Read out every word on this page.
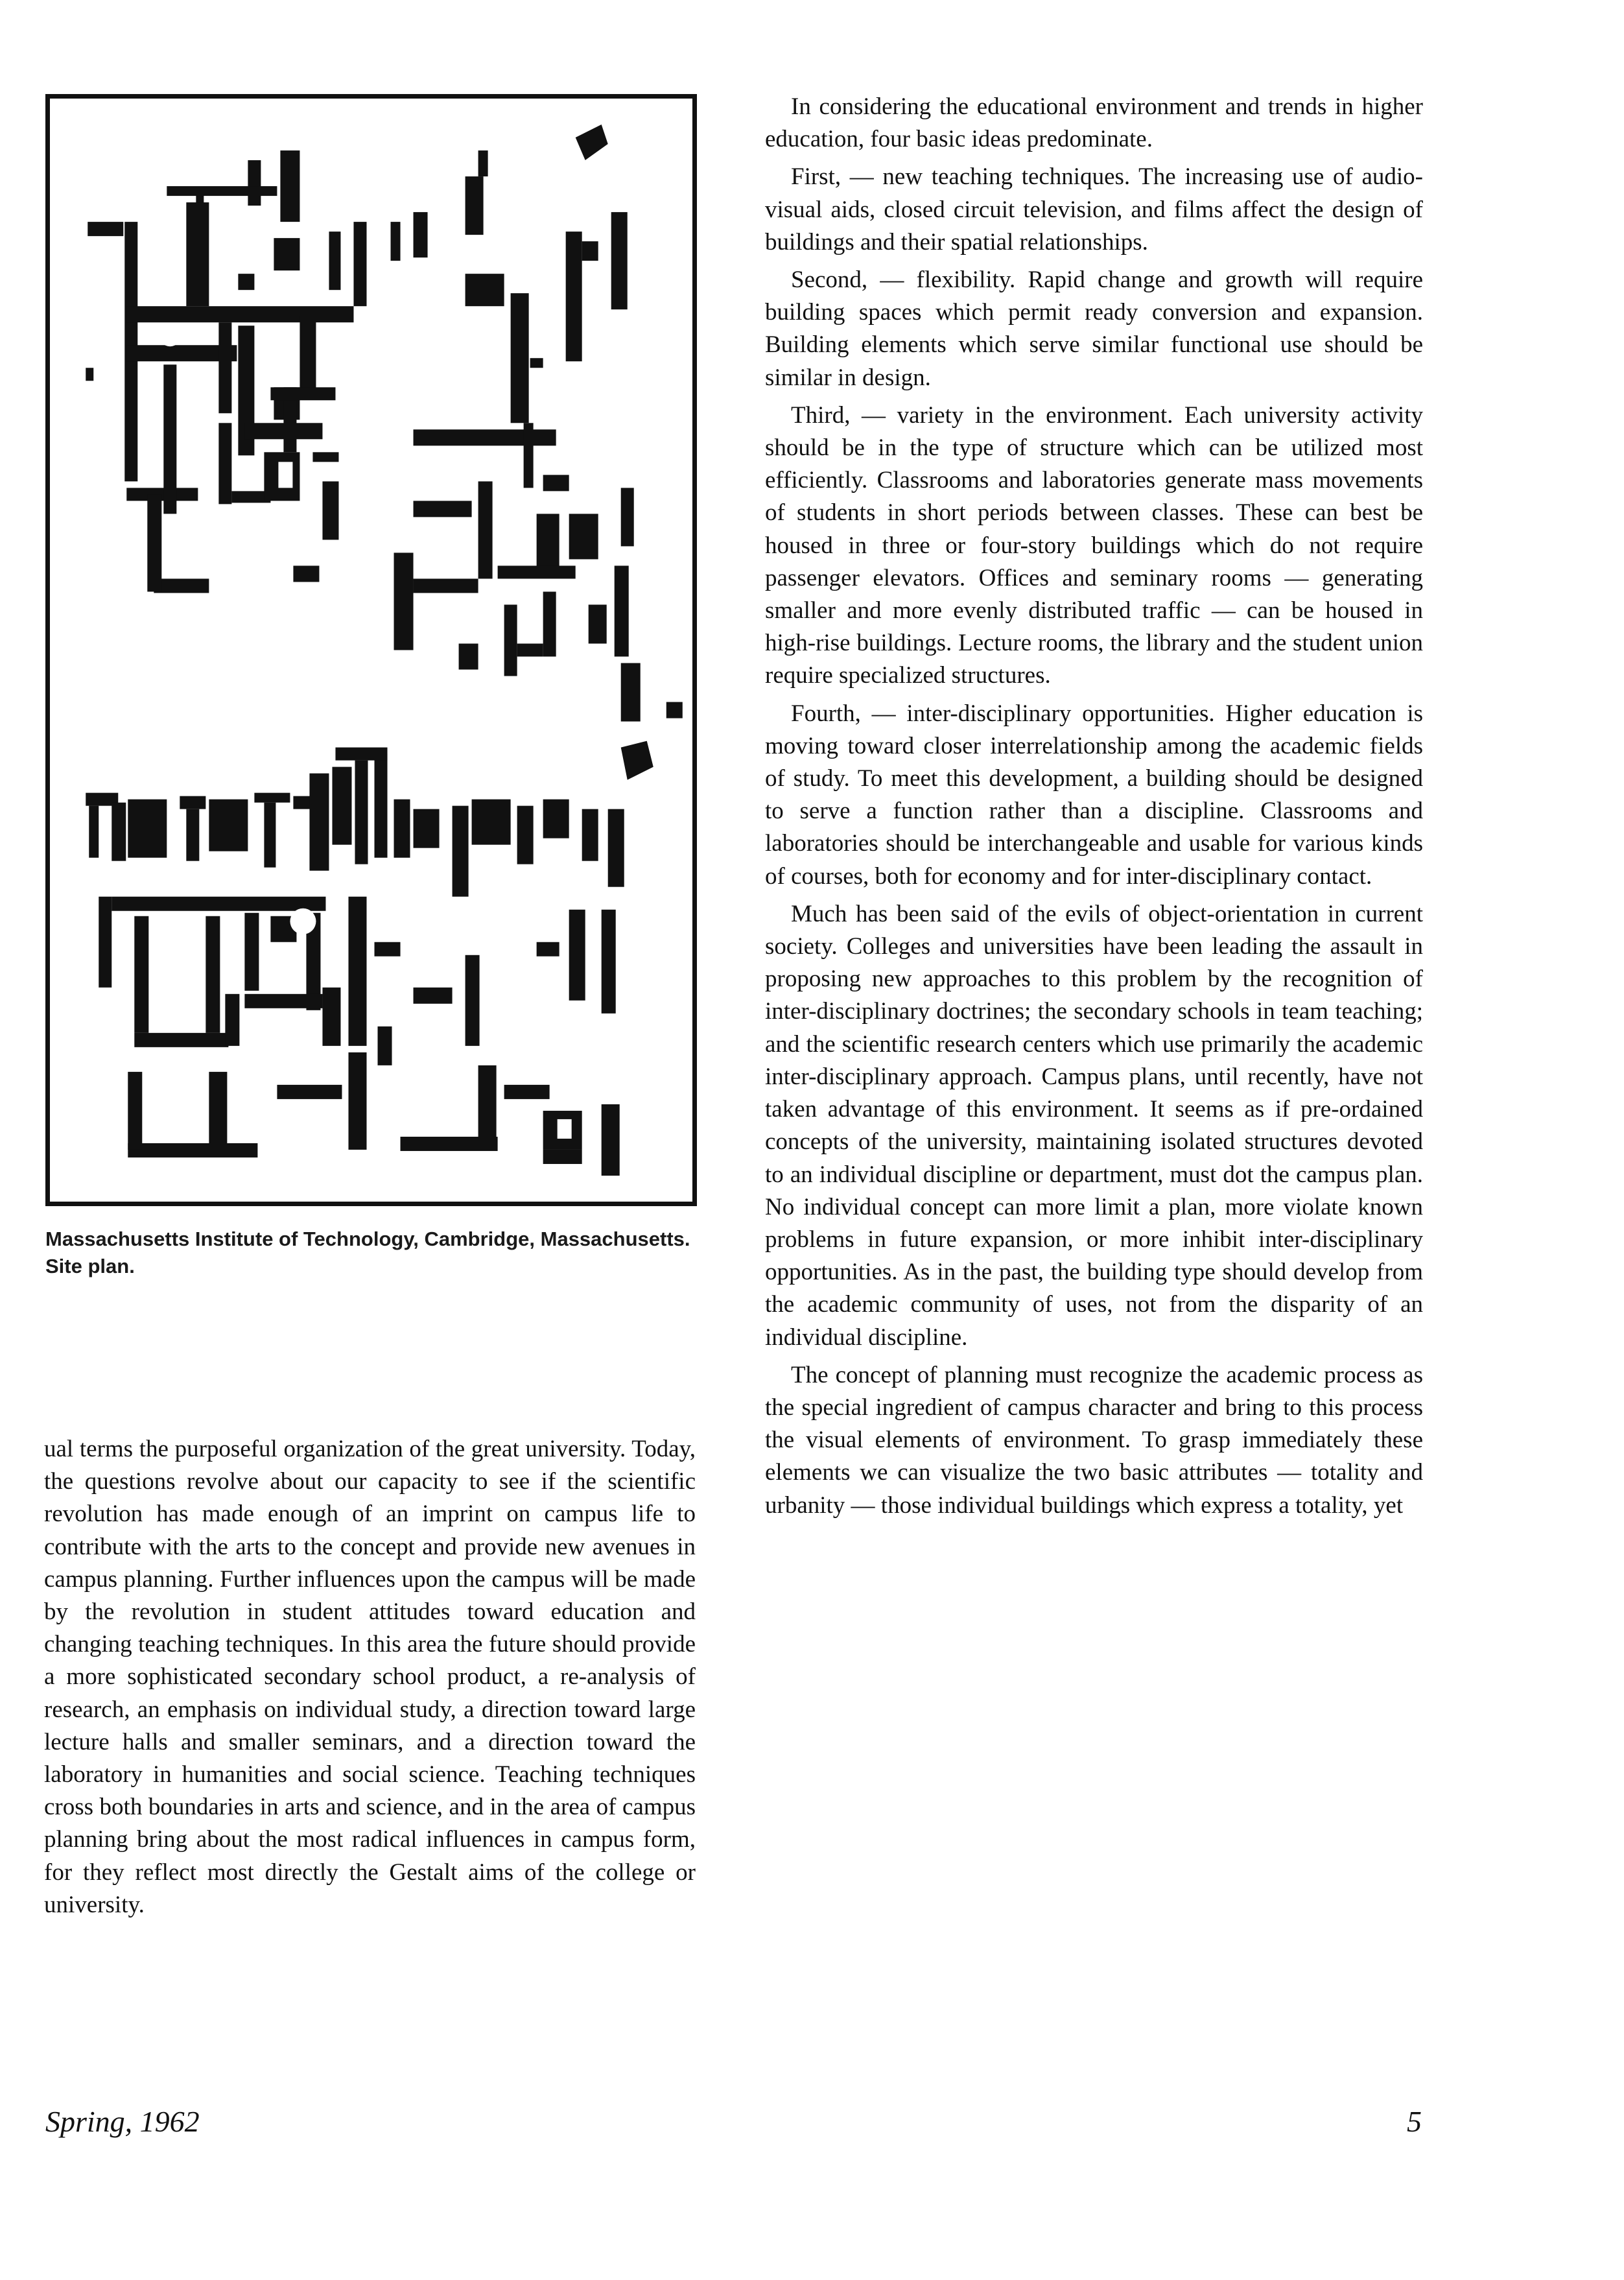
Massachusetts Institute of Technology, Cambridge, Massachusetts. Site plan.

ual terms the purposeful organization of the great university. Today, the questions revolve about our capacity to see if the scientific revolution has made enough of an imprint on campus life to contribute with the arts to the concept and provide new avenues in campus planning. Further influences upon the campus will be made by the revolution in student attitudes toward education and changing teaching techniques. In this area the future should provide a more sophisticated secondary school product, a re-analysis of research, an emphasis on individual study, a direction toward large lecture halls and smaller seminars, and a direction toward the laboratory in humanities and social science. Teaching techniques cross both boundaries in arts and science, and in the area of campus planning bring about the most radical influences in campus form, for they reflect most directly the Gestalt aims of the college or university.

In considering the educational environment and trends in higher education, four basic ideas predominate.

First, — new teaching techniques. The increasing use of audio-visual aids, closed circuit television, and films affect the design of buildings and their spatial relationships.

Second, — flexibility. Rapid change and growth will require building spaces which permit ready conversion and expansion. Building elements which serve similar functional use should be similar in design.

Third, — variety in the environment. Each university activity should be in the type of structure which can be utilized most efficiently. Classrooms and laboratories generate mass movements of students in short periods between classes. These can best be housed in three or four-story buildings which do not require passenger elevators. Offices and seminary rooms — generating smaller and more evenly distributed traffic — can be housed in high-rise buildings. Lecture rooms, the library and the student union require specialized structures.

Fourth, — inter-disciplinary opportunities. Higher education is moving toward closer interrelationship among the academic fields of study. To meet this development, a building should be designed to serve a function rather than a discipline. Classrooms and laboratories should be interchangeable and usable for various kinds of courses, both for economy and for inter-disciplinary contact.

Much has been said of the evils of object-orientation in current society. Colleges and universities have been leading the assault in proposing new approaches to this problem by the recognition of inter-disciplinary doctrines; the secondary schools in team teaching; and the scientific research centers which use primarily the academic inter-disciplinary approach. Campus plans, until recently, have not taken advantage of this environment. It seems as if pre-ordained concepts of the university, maintaining isolated structures devoted to an individual discipline or department, must dot the campus plan. No individual concept can more limit a plan, more violate known problems in future expansion, or more inhibit inter-disciplinary opportunities. As in the past, the building type should develop from the academic community of uses, not from the disparity of an individual discipline.

The concept of planning must recognize the academic process as the special ingredient of campus character and bring to this process the visual elements of environment. To grasp immediately these elements we can visualize the two basic attributes — totality and urbanity — those individual buildings which express a totality, yet

Spring, 1962	5
